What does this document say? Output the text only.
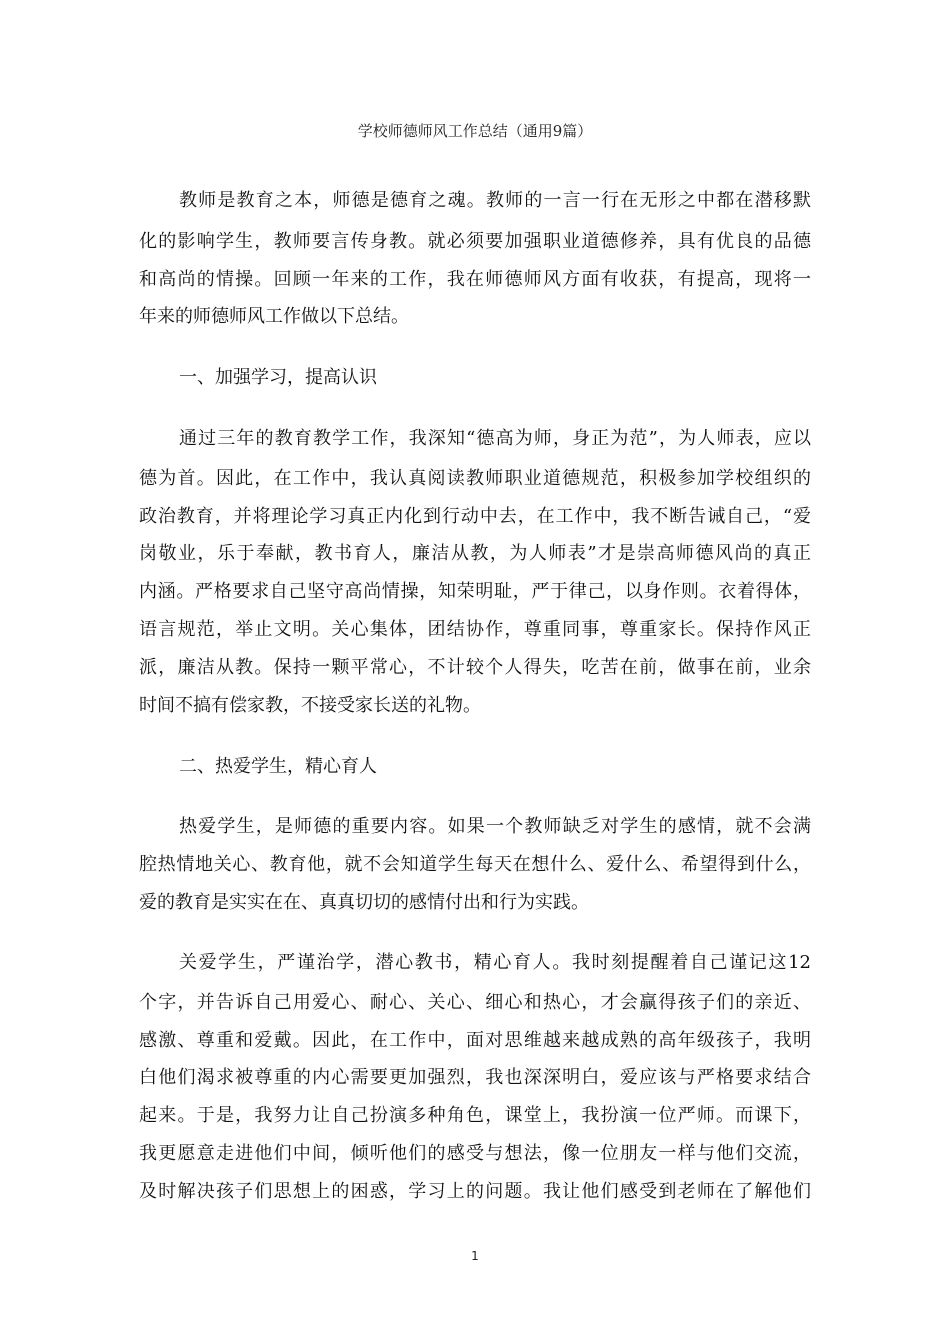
学校师德师风工作总结（通用9篇）
教师是教育之本，师德是德育之魂。教师的一言一行在无形之中都在潜移默
化的影响学生，教师要言传身教。就必须要加强职业道德修养，具有优良的品德
和高尚的情操。回顾一年来的工作，我在师德师风方面有收获，有提高，现将一
年来的师德师风工作做以下总结。
一、加强学习，提高认识
通过三年的教育教学工作，我深知“德高为师，身正为范”，为人师表，应以
德为首。因此，在工作中，我认真阅读教师职业道德规范，积极参加学校组织的
政治教育，并将理论学习真正内化到行动中去，在工作中，我不断告诫自己，“爱
岗敬业，乐于奉献，教书育人，廉洁从教，为人师表”才是崇高师德风尚的真正
内涵。严格要求自己坚守高尚情操，知荣明耻，严于律己，以身作则。衣着得体，
语言规范，举止文明。关心集体，团结协作，尊重同事，尊重家长。保持作风正
派，廉洁从教。保持一颗平常心，不计较个人得失，吃苦在前，做事在前，业余
时间不搞有偿家教，不接受家长送的礼物。
二、热爱学生，精心育人
热爱学生，是师德的重要内容。如果一个教师缺乏对学生的感情，就不会满
腔热情地关心、教育他，就不会知道学生每天在想什么、爱什么、希望得到什么，
爱的教育是实实在在、真真切切的感情付出和行为实践。
关爱学生，严谨治学，潜心教书，精心育人。我时刻提醒着自己谨记这12
个字，并告诉自己用爱心、耐心、关心、细心和热心，才会赢得孩子们的亲近、
感激、尊重和爱戴。因此，在工作中，面对思维越来越成熟的高年级孩子，我明
白他们渴求被尊重的内心需要更加强烈，我也深深明白，爱应该与严格要求结合
起来。于是，我努力让自己扮演多种角色，课堂上，我扮演一位严师。而课下，
我更愿意走进他们中间，倾听他们的感受与想法，像一位朋友一样与他们交流，
及时解决孩子们思想上的困惑，学习上的问题。我让他们感受到老师在了解他们
1
